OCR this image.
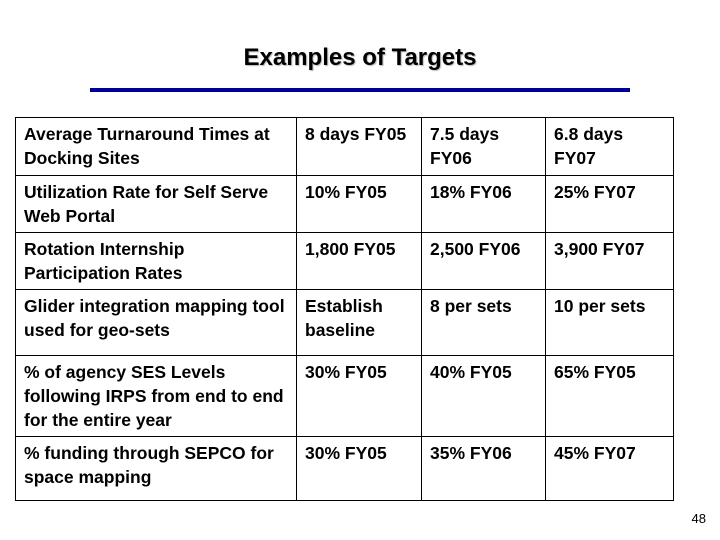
Examples of Targets
Average Turnaround Times at Docking Sites	8 days FY05	7.5 days FY06	6.8 days FY07
Utilization Rate for Self Serve Web Portal	10% FY05	18% FY06	25% FY07
Rotation Internship Participation Rates	1,800 FY05	2,500 FY06	3,900 FY07
Glider integration mapping tool used for geo-sets	Establish baseline	8 per sets	10 per sets
% of agency SES Levels following IRPS from end to end for the entire year	30% FY05	40% FY05	65% FY05
% funding through SEPCO for space mapping	30% FY05	35% FY06	45% FY07
48
